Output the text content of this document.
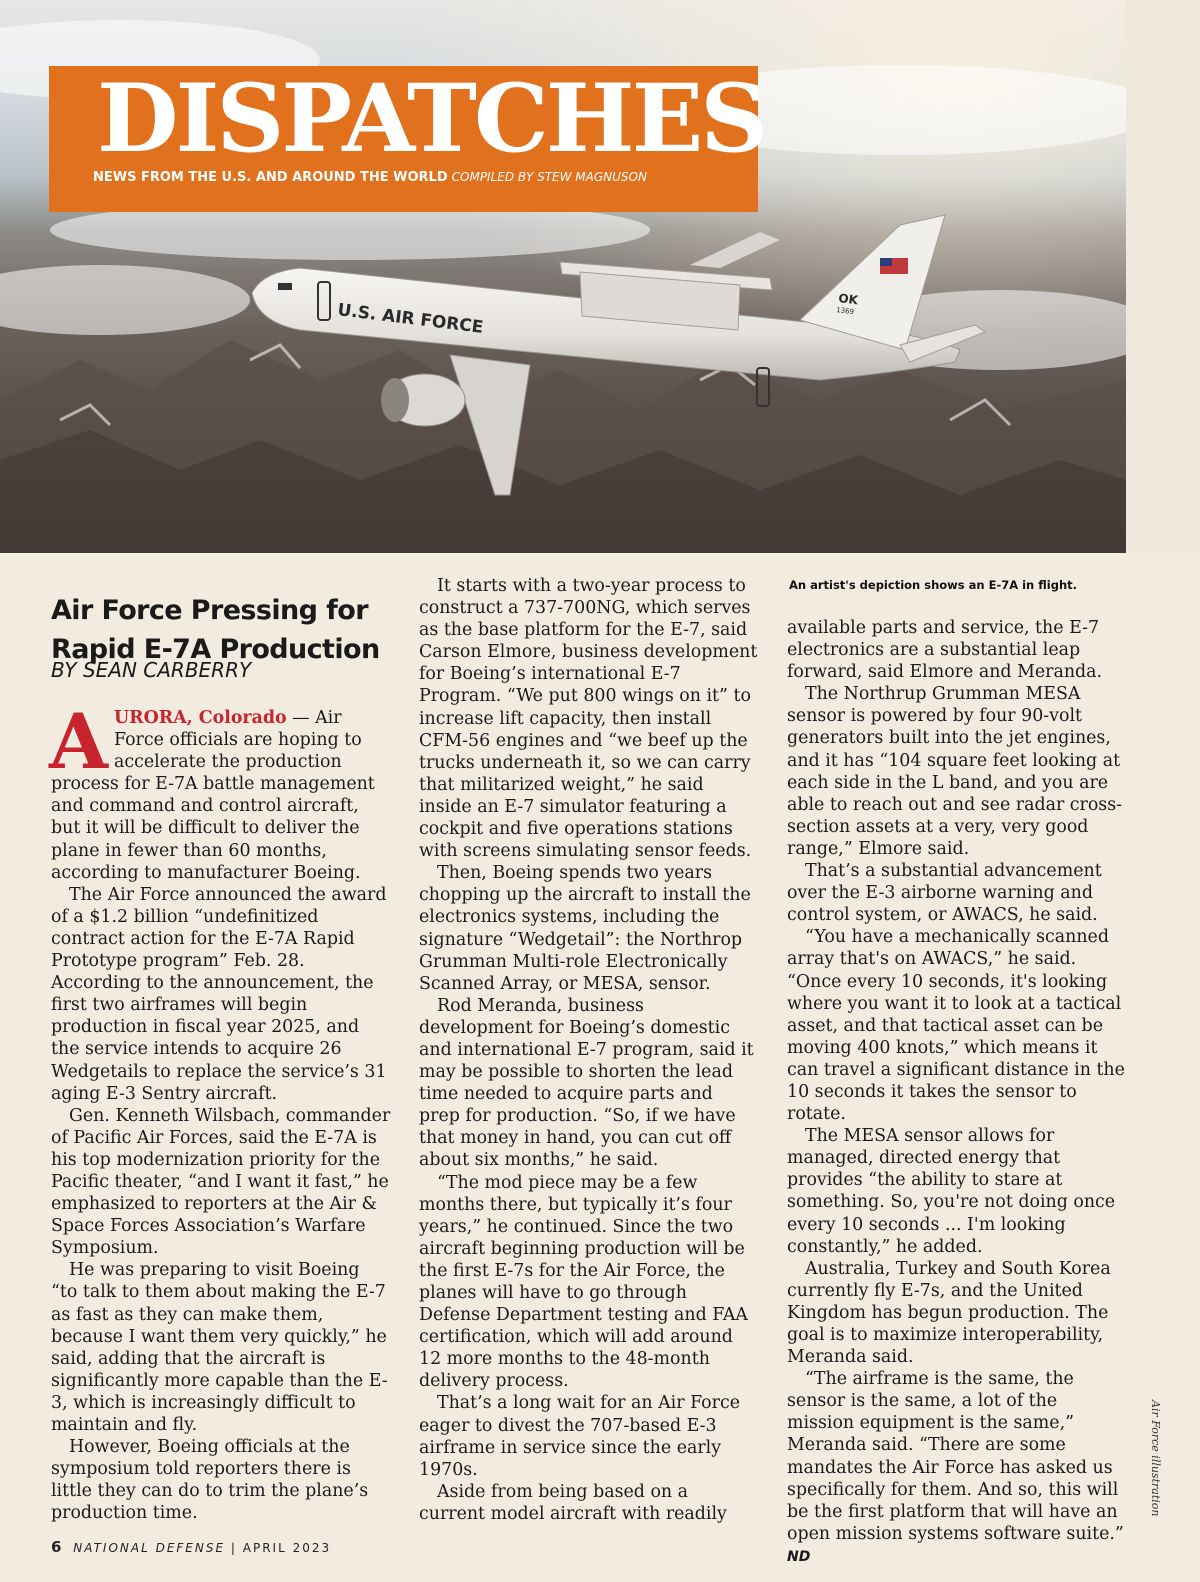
U.S. AIR FORCE
OK
1369
DISPATCHES
NEWS FROM THE U.S. AND AROUND THE WORLD COMPILED BY STEW MAGNUSON
Air Force Pressing for Rapid E-7A Production
BY SEAN CARBERRY

AURORA, Colorado — Air Force officials are hoping to accelerate the production process for E-7A battle management and command and control aircraft, but it will be difficult to deliver the plane in fewer than 60 months, according to manufacturer Boeing.

The Air Force announced the award of a $1.2 billion “undefinitized contract action for the E-7A Rapid Prototype program” Feb. 28. According to the announcement, the first two airframes will begin production in fiscal year 2025, and the service intends to acquire 26 Wedgetails to replace the service’s 31 aging E-3 Sentry aircraft.

Gen. Kenneth Wilsbach, commander of Pacific Air Forces, said the E-7A is his top modernization priority for the Pacific theater, “and I want it fast,” he emphasized to reporters at the Air & Space Forces Association’s Warfare Symposium.

He was preparing to visit Boeing “to talk to them about making the E-7 as fast as they can make them, because I want them very quickly,” he said, adding that the aircraft is significantly more capable than the E-3, which is increasingly difficult to maintain and fly.

However, Boeing officials at the symposium told reporters there is little they can do to trim the plane’s production time.

It starts with a two-year process to construct a 737-700NG, which serves as the base platform for the E-7, said Carson Elmore, business development for Boeing’s international E-7 Program. “We put 800 wings on it” to increase lift capacity, then install CFM-56 engines and “we beef up the trucks underneath it, so we can carry that militarized weight,” he said inside an E-7 simulator featuring a cockpit and five operations stations with screens simulating sensor feeds.

Then, Boeing spends two years chopping up the aircraft to install the electronics systems, including the signature “Wedgetail”: the Northrop Grumman Multi-role Electronically Scanned Array, or MESA, sensor.

Rod Meranda, business development for Boeing’s domestic and international E-7 program, said it may be possible to shorten the lead time needed to acquire parts and prep for production. “So, if we have that money in hand, you can cut off about six months,” he said.

“The mod piece may be a few months there, but typically it’s four years,” he continued. Since the two aircraft beginning production will be the first E-7s for the Air Force, the planes will have to go through Defense Department testing and FAA certification, which will add around 12 more months to the 48-month delivery process.

That’s a long wait for an Air Force eager to divest the 707-based E-3 airframe in service since the early 1970s.

Aside from being based on a current model aircraft with readily

An artist's depiction shows an E-7A in flight.

available parts and service, the E-7 electronics are a substantial leap forward, said Elmore and Meranda.

The Northrup Grumman MESA sensor is powered by four 90-volt generators built into the jet engines, and it has “104 square feet looking at each side in the L band, and you are able to reach out and see radar cross-section assets at a very, very good range,” Elmore said.

That’s a substantial advancement over the E-3 airborne warning and control system, or AWACS, he said.

“You have a mechanically scanned array that's on AWACS,” he said. “Once every 10 seconds, it's looking where you want it to look at a tactical asset, and that tactical asset can be moving 400 knots,” which means it can travel a significant distance in the 10 seconds it takes the sensor to rotate.

The MESA sensor allows for managed, directed energy that provides “the ability to stare at something. So, you're not doing once every 10 seconds ... I'm looking constantly,” he added.

Australia, Turkey and South Korea currently fly E-7s, and the United Kingdom has begun production. The goal is to maximize interoperability, Meranda said.

“The airframe is the same, the sensor is the same, a lot of the mission equipment is the same,” Meranda said. “There are some mandates the Air Force has asked us specifically for them. And so, this will be the first platform that will have an open mission systems software suite.” ND

Air Force illustration
6 NATIONAL DEFENSE | APRIL 2023
